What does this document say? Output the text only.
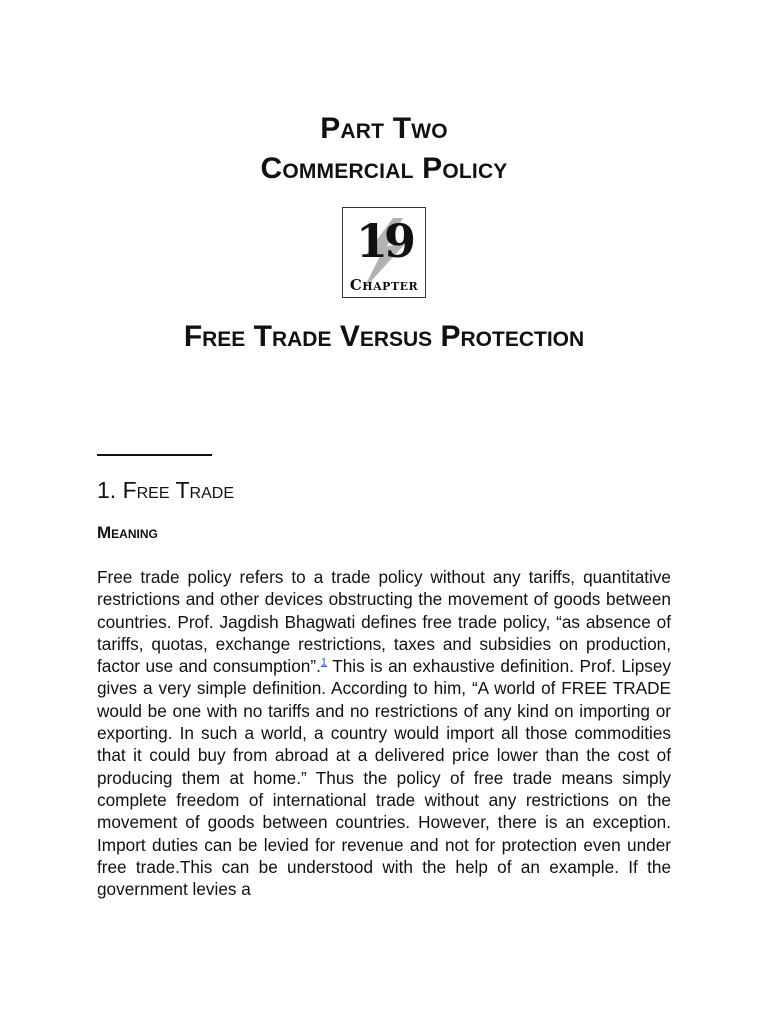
Part Two
Commercial Policy
19
Chapter
Free Trade Versus Protection
1. Free Trade
Meaning

Free trade policy refers to a trade policy without any tariffs, quantitative restrictions and other devices obstructing the movement of goods between countries. Prof. Jagdish Bhagwati defines free trade policy, “as absence of tariffs, quotas, exchange restrictions, taxes and subsidies on production, factor use and consumption”.$^1$ This is an exhaustive definition. Prof. Lipsey gives a very simple definition. According to him, “A world of FREE TRADE would be one with no tariffs and no restrictions of any kind on importing or exporting. In such a world, a country would import all those commodities that it could buy from abroad at a delivered price lower than the cost of producing them at home.” Thus the policy of free trade means simply complete freedom of international trade without any restrictions on the movement of goods between countries. However, there is an exception. Import duties can be levied for revenue and not for protection even under free trade.This can be understood with the help of an example. If the government levies a
